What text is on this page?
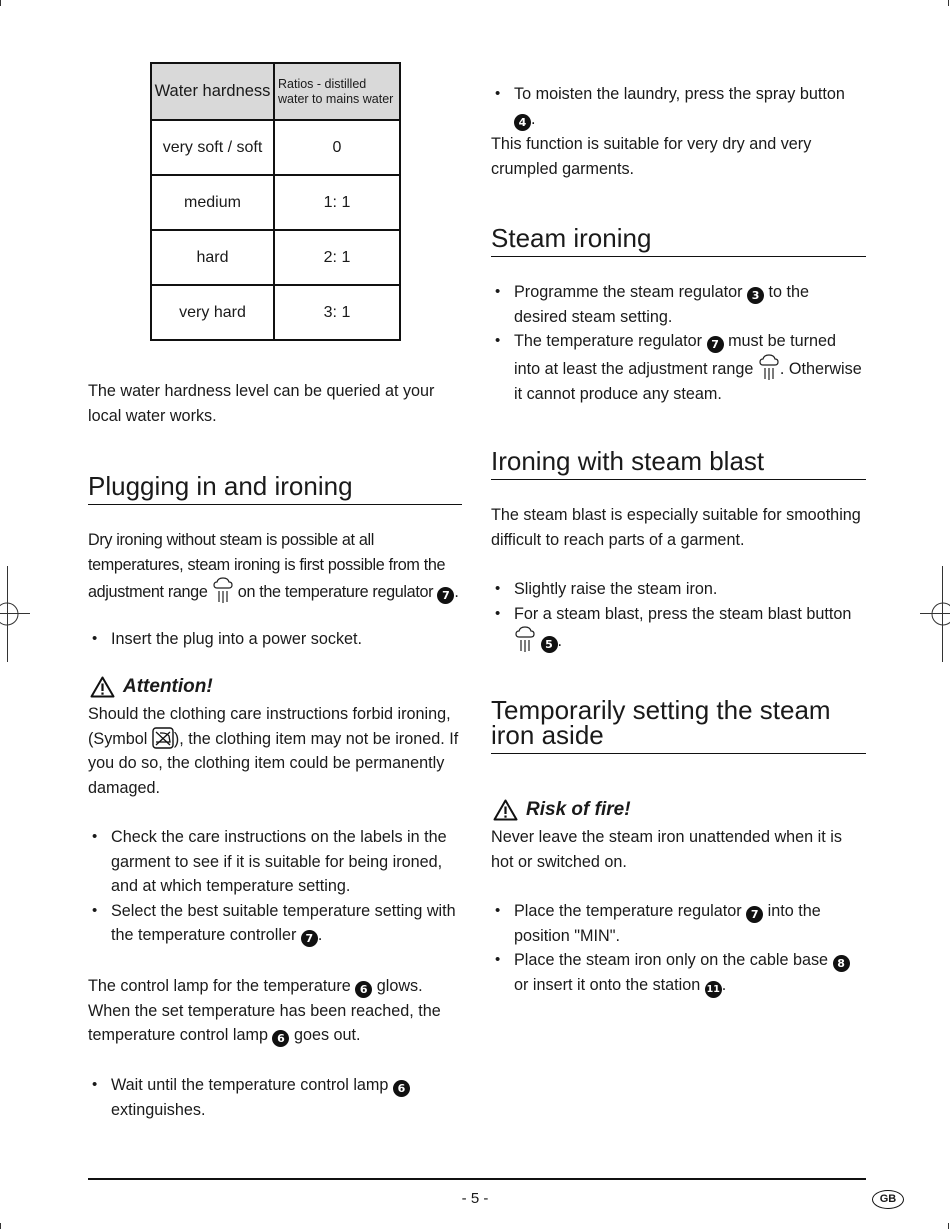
Water hardness	Ratios - distilled water to mains water
very soft / soft	0
medium	1: 1
hard	2: 1
very hard	3: 1

The water hardness level can be queried at your local water works.

Plugging in and ironing

Dry ironing without steam is possible at all temperatures, steam ironing is first possible from the adjustment range on the temperature regulator 7 .

• Insert the plug into a power socket.
Attention!

Should the clothing care instructions forbid ironing, (Symbol ), the clothing item may not be ironed. If you do so, the clothing item could be permanently damaged.

• Check the care instructions on the labels in the garment to see if it is suitable for being ironed, and at which temperature setting.
• Select the best suitable temperature setting with the temperature controller 7 .

The control lamp for the temperature 6 glows. When the set temperature has been reached, the temperature control lamp 6 goes out.

• Wait until the temperature control lamp 6 extinguishes.
• To moisten the laundry, press the spray button 4 .

This function is suitable for very dry and very crumpled garments.

Steam ironing
• Programme the steam regulator 3 to the desired steam setting.
• The temperature regulator 7 must be turned into at least the adjustment range . Otherwise it cannot produce any steam.
Ironing with steam blast

The steam blast is especially suitable for smoothing difficult to reach parts of a garment.

• Slightly raise the steam iron.
• For a steam blast, press the steam blast button
5 .
Temporarily setting the steam iron aside
Risk of fire!

Never leave the steam iron unattended when it is hot or switched on.

• Place the temperature regulator 7 into the position "MIN".
• Place the steam iron only on the cable base 8 or insert it onto the station 11 .
- 5 -	GB
